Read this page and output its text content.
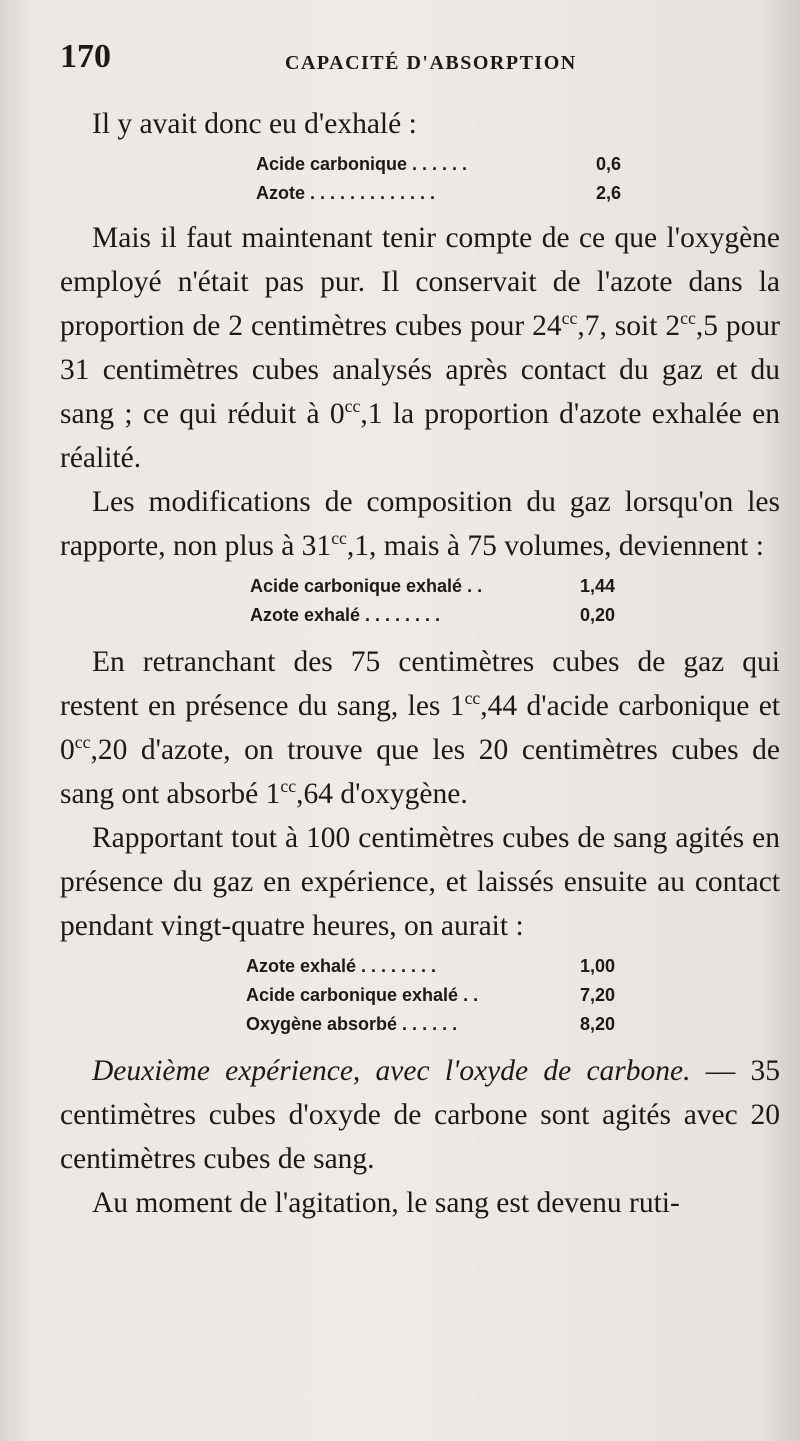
170	CAPACITÉ D'ABSORPTION

Il y avait donc eu d'exhalé :

Acide carbonique . . . . . .	0,6
Azote . . . . . . . . . . . . .	2,6

Mais il faut maintenant tenir compte de ce que l'oxygène employé n'était pas pur. Il conservait de l'azote dans la proportion de 2 centimètres cubes pour $24^{cc},7$, soit $2^{cc},5$ pour 31 centimètres cubes analysés après contact du gaz et du sang ; ce qui réduit à $0^{cc},1$ la proportion d'azote exhalée en réalité.

Les modifications de composition du gaz lorsqu'on les rapporte, non plus à $31^{cc},1$, mais à 75 volumes, deviennent :

Acide carbonique exhalé . .	1,44
Azote exhalé . . . . . . . .	0,20

En retranchant des 75 centimètres cubes de gaz qui restent en présence du sang, les $1^{cc},44$ d'acide carbonique et $0^{cc},20$ d'azote, on trouve que les 20 centimètres cubes de sang ont absorbé $1^{cc},64$ d'oxygène.

Rapportant tout à 100 centimètres cubes de sang agités en présence du gaz en expérience, et laissés ensuite au contact pendant vingt-quatre heures, on aurait :

Azote exhalé . . . . . . . .	1,00
Acide carbonique exhalé . .	7,20
Oxygène absorbé . . . . . .	8,20

Deuxième expérience, avec l'oxyde de carbone. — 35 centimètres cubes d'oxyde de carbone sont agités avec 20 centimètres cubes de sang.

Au moment de l'agitation, le sang est devenu ruti-
